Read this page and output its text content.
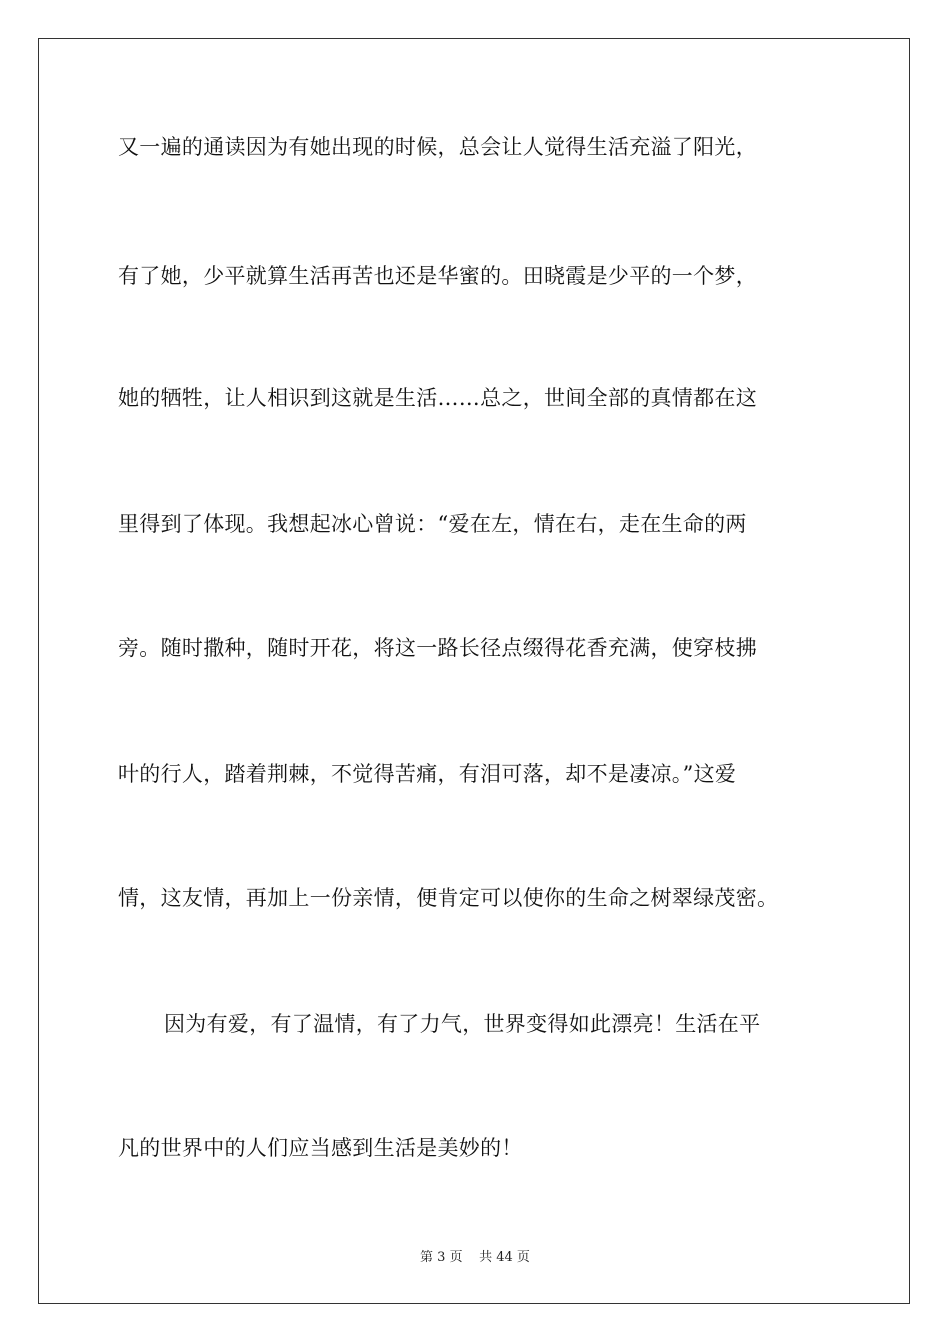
又一遍的通读因为有她出现的时候，总会让人觉得生活充溢了阳光，
有了她，少平就算生活再苦也还是华蜜的。田晓霞是少平的一个梦，
她的牺牲，让人相识到这就是生活……总之，世间全部的真情都在这
里得到了体现。我想起冰心曾说：“爱在左，情在右，走在生命的两
旁。随时撒种，随时开花，将这一路长径点缀得花香充满，使穿枝拂
叶的行人，踏着荆棘，不觉得苦痛，有泪可落，却不是凄凉。”这爱
情，这友情，再加上一份亲情，便肯定可以使你的生命之树翠绿茂密。
因为有爱，有了温情，有了力气，世界变得如此漂亮！生活在平
凡的世界中的人们应当感到生活是美妙的！
第 3 页 共 44 页
